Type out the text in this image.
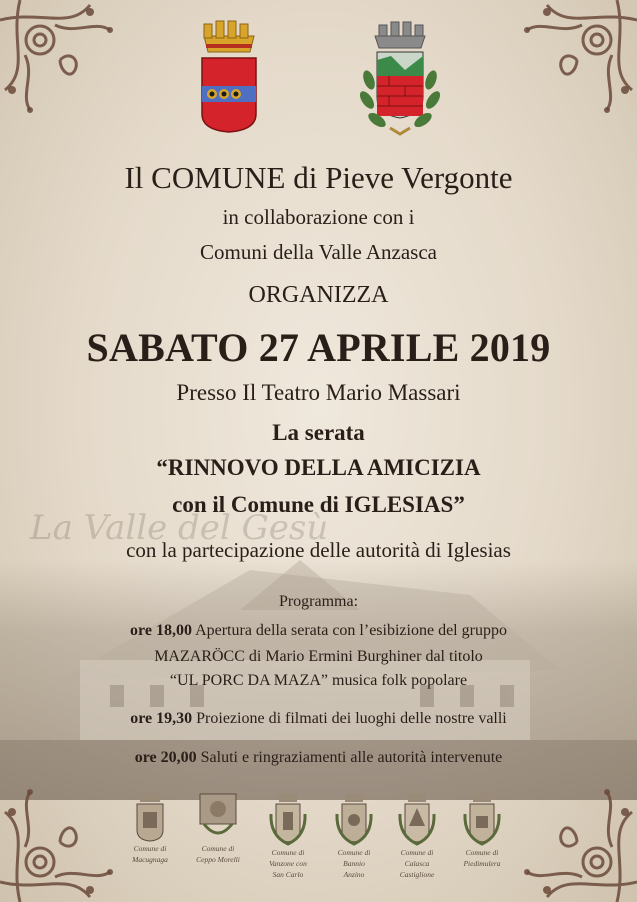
Il COMUNE di Pieve Vergonte
in collaborazione con i
Comuni della Valle Anzasca
ORGANIZZA
SABATO 27 APRILE 2019
Presso Il Teatro Mario Massari
La serata
“RINNOVO DELLA AMICIZIA
La Valle del Gesù
con il Comune di IGLESIAS”
con la partecipazione delle autorità di Iglesias
Programma:
ore 18,00 Apertura della serata con l’esibizione del gruppo
MAZARÖCC di Mario Ermini Burghiner dal titolo
“UL PORC DA MAZA” musica folk popolare
ore 19,30 Proiezione di filmati dei luoghi delle nostre valli
ore 20,00 Saluti e ringraziamenti alle autorità intervenute
Comune di
Macugnaga
Comune di
Ceppo Morelli
Comune di
Vanzone con
San Carlo
Comune di
Bannio
Anzino
Comune di
Calasca
Castiglione
Comune di
Piedimulera
